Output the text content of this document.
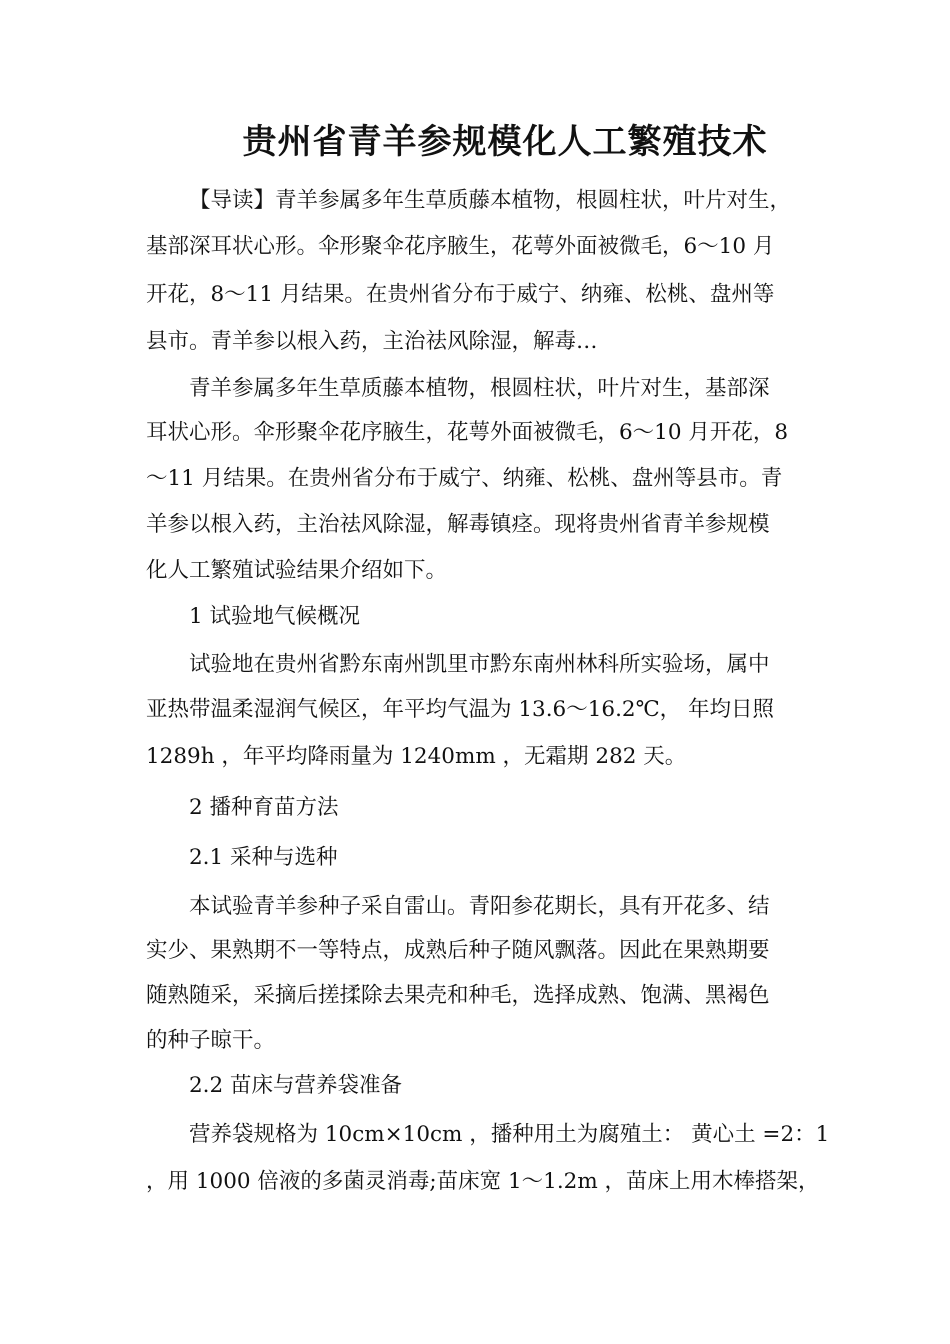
贵州省青羊参规模化人工繁殖技术

【导读】青羊参属多年生草质藤本植物，根圆柱状，叶片对生，

基部深耳状心形。伞形聚伞花序腋生，花萼外面被微毛，6～10 月

开花，8～11 月结果。在贵州省分布于威宁、纳雍、松桃、盘州等

县市。青羊参以根入药，主治祛风除湿，解毒…

青羊参属多年生草质藤本植物，根圆柱状，叶片对生，基部深

耳状心形。伞形聚伞花序腋生，花萼外面被微毛，6～10 月开花，8

～11 月结果。在贵州省分布于威宁、纳雍、松桃、盘州等县市。青

羊参以根入药，主治祛风除湿，解毒镇痉。现将贵州省青羊参规模

化人工繁殖试验结果介绍如下。

1 试验地气候概况

试验地在贵州省黔东南州凯里市黔东南州林科所实验场，属中

亚热带温柔湿润气候区，年平均气温为 13.6～16.2℃， 年均日照

1289h ，年平均降雨量为 1240mm ，无霜期 282 天。

2 播种育苗方法

2.1 采种与选种

本试验青羊参种子采自雷山。青阳参花期长，具有开花多、结

实少、果熟期不一等特点，成熟后种子随风飘落。因此在果熟期要

随熟随采，采摘后搓揉除去果壳和种毛，选择成熟、饱满、黑褐色

的种子晾干。

2.2 苗床与营养袋准备

营养袋规格为 10cm×10cm ，播种用土为腐殖土： 黄心土 =2：1

，用 1000 倍液的多菌灵消毒;苗床宽 1～1.2m ，苗床上用木棒搭架，
